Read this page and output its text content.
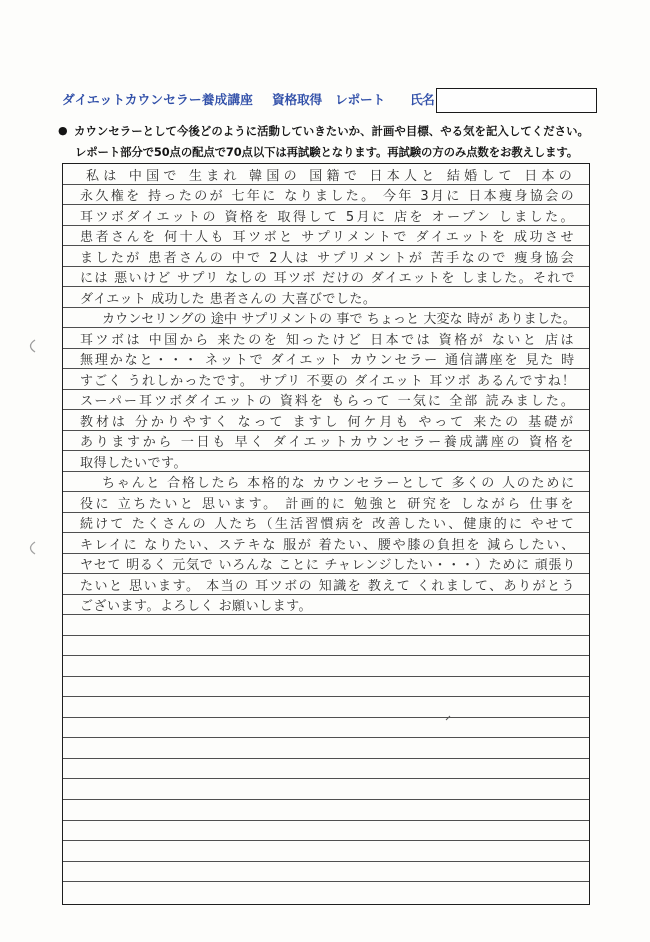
ダイエットカウンセラー養成講座 資格取得 レポート 氏名
● カウンセラーとして今後どのように活動していきたいか、計画や目標、やる気を記入してください。
レポート部分で50点の配点で70点以下は再試験となります。再試験の方のみ点数をお教えします。
私は 中国で 生まれ 韓国の 国籍で 日本人と 結婚して 日本の
永久権を 持ったのが 七年に なりました。 今年 3月に 日本痩身協会の
耳ツボダイエットの 資格を 取得して 5月に 店を オープン しました。
患者さんを 何十人も 耳ツボと サプリメントで ダイエットを 成功させ
ましたが 患者さんの 中で 2人は サプリメントが 苦手なので 痩身協会
には 悪いけど サプリ なしの 耳ツボ だけの ダイエットを しました。それで
ダイエット 成功した 患者さんの 大喜びでした。
カウンセリングの 途中 サプリメントの 事で ちょっと 大変な 時が ありました。
耳ツボは 中国から 来たのを 知ったけど 日本では 資格が ないと 店は
無理かなと・・・ ネットで ダイエット カウンセラー 通信講座を 見た 時
すごく うれしかったです。 サプリ 不要の ダイエット 耳ツボ あるんですね！
スーパー耳ツボダイエットの 資料を もらって 一気に 全部 読みました。
教材は 分かりやすく なって ますし 何ケ月も やって 来たの 基礎が
ありますから 一日も 早く ダイエットカウンセラー養成講座の 資格を
取得したいです。
ちゃんと 合格したら 本格的な カウンセラーとして 多くの 人のために
役に 立ちたいと 思います。 計画的に 勉強と 研究を しながら 仕事を
続けて たくさんの 人たち（生活習慣病を 改善したい、健康的に やせて
キレイに なりたい、ステキな 服が 着たい、腰や膝の負担を 減らしたい、
ヤセて 明るく 元気で いろんな ことに チャレンジしたい・・・）ために 頑張り
たいと 思います。 本当の 耳ツボの 知識を 教えて くれまして、ありがとう
ございます。よろしく お願いします。
